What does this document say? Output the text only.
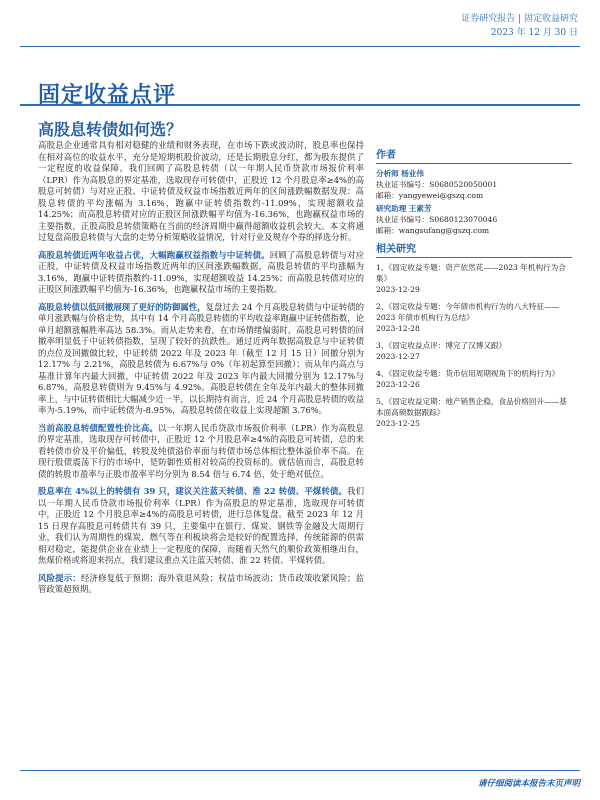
证券研究报告 | 固定收益研究
2023 年 12 月 30 日
固定收益点评
高股息转债如何选？

高股息企业通常具有相对稳健的业绩和财务表现，在市场下跌或波动时，股息率也保持在相对高位的收益水平，充分是短期机股价波动，还是长期股息分红，都为股东提供了一定程度的收益保障。我们回顾了高股息转债（以一年期人民币贷款市场报价利率（LPR）作为高股息的界定基准，选取现存可转债中，正股近 12 个月股息率≥4%的高股息可转债）与对应正股、中证转债及权益市场指数近两年的区间涨跌幅数据发现：高股息转债的平均涨幅为 3.16%，跑赢中证转债指数约-11.09%，实现超额收益 14.25%；而高股息转债对应的正股区间涨跌幅平均值为-16.36%，也跑赢权益市场的主要指数，正股高股息转债策略在当前的经济周期中赢得超额收益机会较大。本文将通过复盘高股息转债与大盘的走势分析策略收益情况，针对行业及规存个券的择选分析。

高股息转债近两年收益占优，大幅跑赢权益指数与中证转债。回顾了高股息转债与对应正股，中证转债及权益市场指数近两年的区间涨跌幅数据，高股息转债的平均涨幅为 3.16%，跑赢中证转债指数约-11.09%，实现超额收益 14.25%；而高股息转债对应的正股区间涨跌幅平均值为-16.36%，也跑赢权益市场的主要指数。

高股息转债以低回撤展现了更好的防御属性，复盘过去 24 个月高股息转债与中证转债的单月涨跌幅与价格走势，其中有 14 个月高股息转债的平均收益率跑赢中证转债指数，论单月超额涨幅胜率高达 58.3%。而从走势来看，在市场情绪偏弱时，高股息可转债的回撤率明显低于中证转债指数，呈现了较好的抗跌性。通过近两年数据高股息与中证转债的点位及回撤做比较，中证转债 2022 年及 2023 年（截至 12 月 15 日）回撤分别为 12.17% 与 2.21%，高股息转债为 6.67%与 0%（年初起算至回撤）；而从年内高点与基准计算年内最大回撤，中证转债 2022 年及 2023 年内最大回撤分别为 12.17%与 6.87%，高股息转债则为 9.45%与 4.92%。高股息转债在全年及年内最大的整体回撤率上，与中证转债相比大幅减少近一半，以长期持有而言，近 24 个月高股息转债的收益率为-5.19%，而中证转债为-8.95%，高股息转债在收益上实现超额 3.76%。

当前高股息转债配置性价比高。以一年期人民币贷款市场报价利率（LPR）作为高股息的界定基准，选取现存可转债中，正股近 12 个月股息率≥4%的高股息可转债，总的来看转债市价及平价偏低，转股及纯债溢价率面与转债市场总体相比整体溢价率不高。在现行股债震荡下行的市场中，是防御性质相对较高的投资标的。就估值而言，高股息转债的转股市盈率与正股市盈率平均分别为 8.54 倍与 6.74 倍，处于绝对低位。

股息率在 4%以上的转债有 39 只，建议关注蓝天转债、淮 22 转债、平煤转债。我们以一年期人民币贷款市场报价利率（LPR）作为高股息的界定基准，选取现存可转债中，正股近 12 个月股息率≥4%的高股息可转债，进行总体复盘。截至 2023 年 12 月 15 日现存高股息可转债共有 39 只，主要集中在银行、煤炭、钢铁等金融及大周期行业，我们认为周期性的煤炭、燃气等在利板块将会是较好的配置选择，传统能源的供需相对稳定，能提供企业在业绩上一定程度的保障，而随着天然气的顺价政策相继出台，焦煤价格或将迎来拐点，我们建议重点关注蓝天转债、淮 22 转债、平煤转债。

风险提示：经济修复低于预期；海外衰退风险；权益市场波动；货币政策收紧风险；监管政策超预期。

作者
分析师 杨业伟
执业证书编号：S0680520050001
邮箱：yangyewei@gszq.com
研究助理 王素芳
执业证书编号：S0680123070046
邮箱：wangsufang@gszq.com
相关研究
1、《固定收益专题：资产依然花——2023 年机构行为合集》
2023-12-29
2、《固定收益专题：今年债市机构行为的八大特征——2023 年债市机构行为总结》
2023-12-28
3、《固定收益点评：博完了汉博又跟》
2023-12-27
4、《固定收益专题：货币信用周期视角下的机构行为》
2023-12-26
5、《固定收益定期：地产销售企稳，食品价格回升——基本面高频数据跟踪》
2023-12-25
请仔细阅读本报告末页声明
